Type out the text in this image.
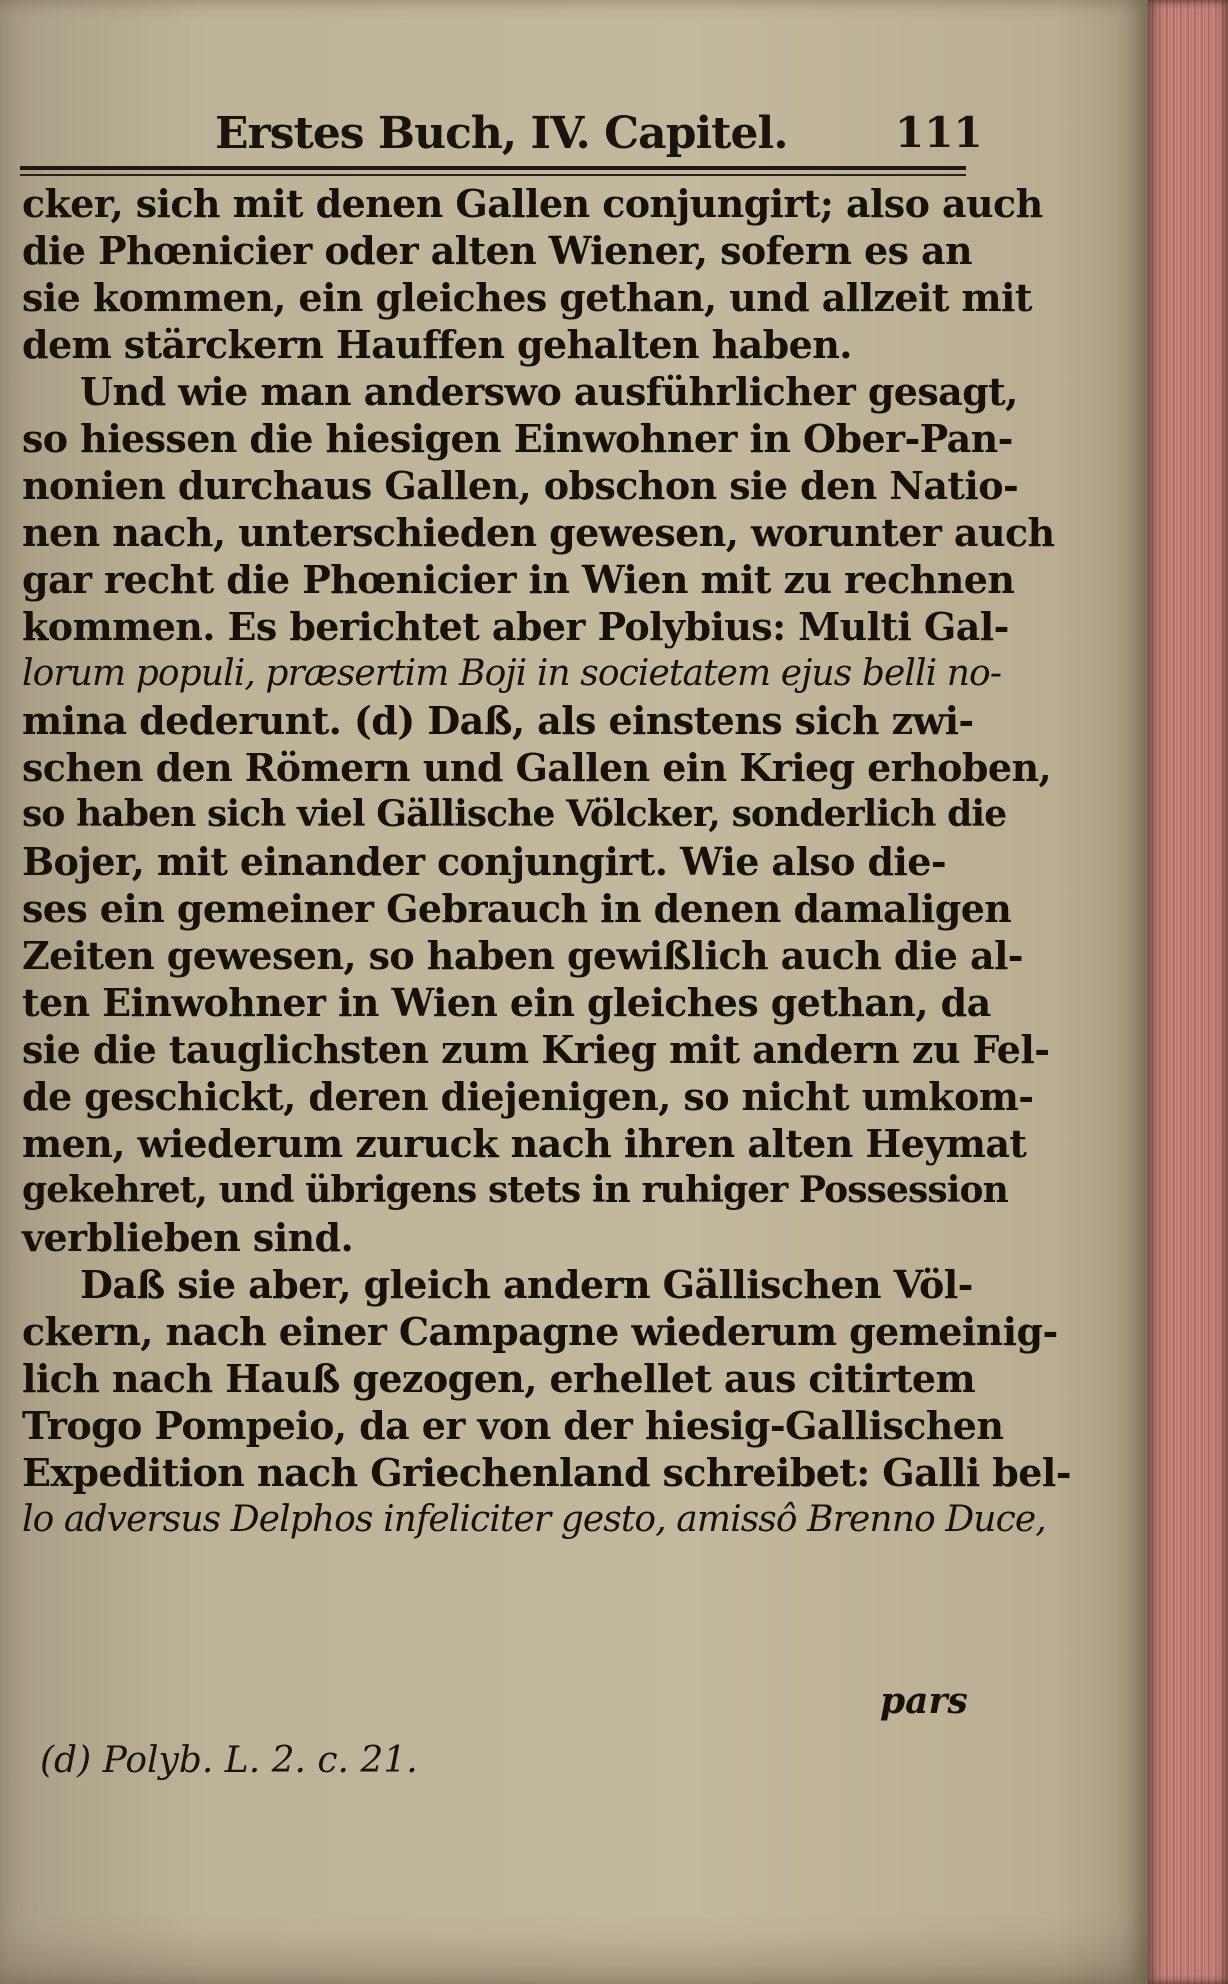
Erstes Buch, IV. Capitel.	111
cker, sich mit denen Gallen conjungirt; also auch
die Phœnicier oder alten Wiener, sofern es an
sie kommen, ein gleiches gethan, und allzeit mit
dem stärckern Hauffen gehalten haben.
Und wie man anderswo ausführlicher gesagt,
so hiessen die hiesigen Einwohner in Ober-Pan-
nonien durchaus Gallen, obschon sie den Natio-
nen nach, unterschieden gewesen, worunter auch
gar recht die Phœnicier in Wien mit zu rechnen
kommen. Es berichtet aber Polybius: Multi Gal-
lorum populi, præsertim Boji in societatem ejus belli no-
mina dederunt. (d) Daß, als einstens sich zwi-
schen den Römern und Gallen ein Krieg erhoben,
so haben sich viel Gällische Völcker, sonderlich die
Bojer, mit einander conjungirt. Wie also die-
ses ein gemeiner Gebrauch in denen damaligen
Zeiten gewesen, so haben gewißlich auch die al-
ten Einwohner in Wien ein gleiches gethan, da
sie die tauglichsten zum Krieg mit andern zu Fel-
de geschickt, deren diejenigen, so nicht umkom-
men, wiederum zuruck nach ihren alten Heymat
gekehret, und übrigens stets in ruhiger Possession
verblieben sind.
Daß sie aber, gleich andern Gällischen Völ-
ckern, nach einer Campagne wiederum gemeinig-
lich nach Hauß gezogen, erhellet aus citirtem
Trogo Pompeio, da er von der hiesig-Gallischen
Expedition nach Griechenland schreibet: Galli bel-
lo adversus Delphos infeliciter gesto, amissô Brenno Duce,
pars
(d) Polyb. L. 2. c. 21.
